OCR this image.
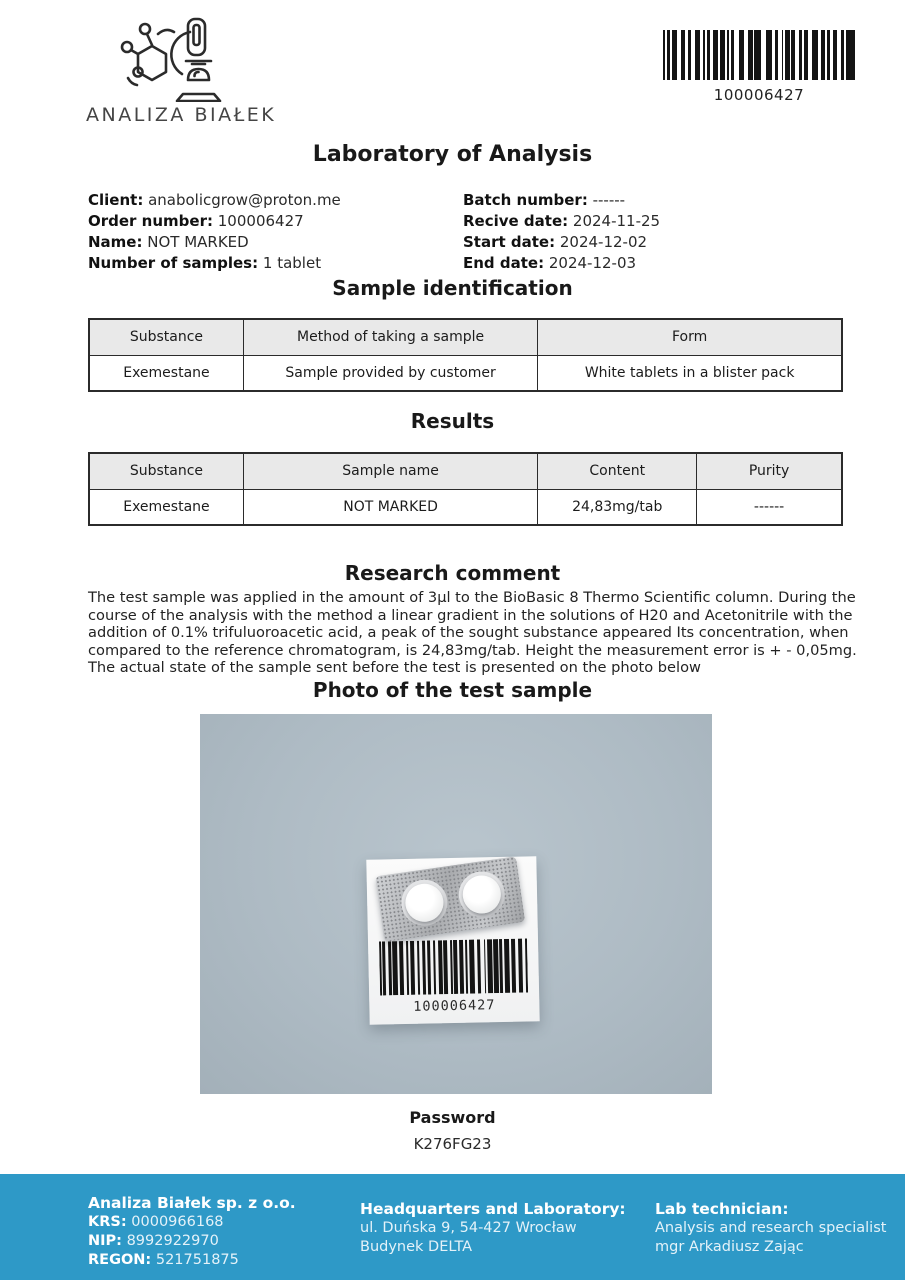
ANALIZA BIAŁEK
100006427
Laboratory of Analysis
Client: anabolicgrow@proton.me
Order number: 100006427
Name: NOT MARKED
Number of samples: 1 tablet
Batch number: ------
Recive date: 2024-11-25
Start date: 2024-12-02
End date: 2024-12-03
Sample identification
Substance	Method of taking a sample	Form
Exemestane	Sample provided by customer	White tablets in a blister pack
Results
Substance	Sample name	Content	Purity
Exemestane	NOT MARKED	24,83mg/tab	------
Research comment
The test sample was applied in the amount of 3µl to the BioBasic 8 Thermo Scientific column. During the course of the analysis with the method a linear gradient in the solutions of H20 and Acetonitrile with the addition of 0.1% trifuluoroacetic acid, a peak of the sought substance appeared Its concentration, when compared to the reference chromatogram, is 24,83mg/tab. Height the measurement error is + - 0,05mg. The actual state of the sample sent before the test is presented on the photo below
Photo of the test sample
100006427
Password
K276FG23
Analiza Białek sp. z o.o.
KRS: 0000966168
NIP: 8992922970
REGON: 521751875
Headquarters and Laboratory:
ul. Duńska 9, 54-427 Wrocław
Budynek DELTA
Lab technician:
Analysis and research specialist
mgr Arkadiusz Zając
